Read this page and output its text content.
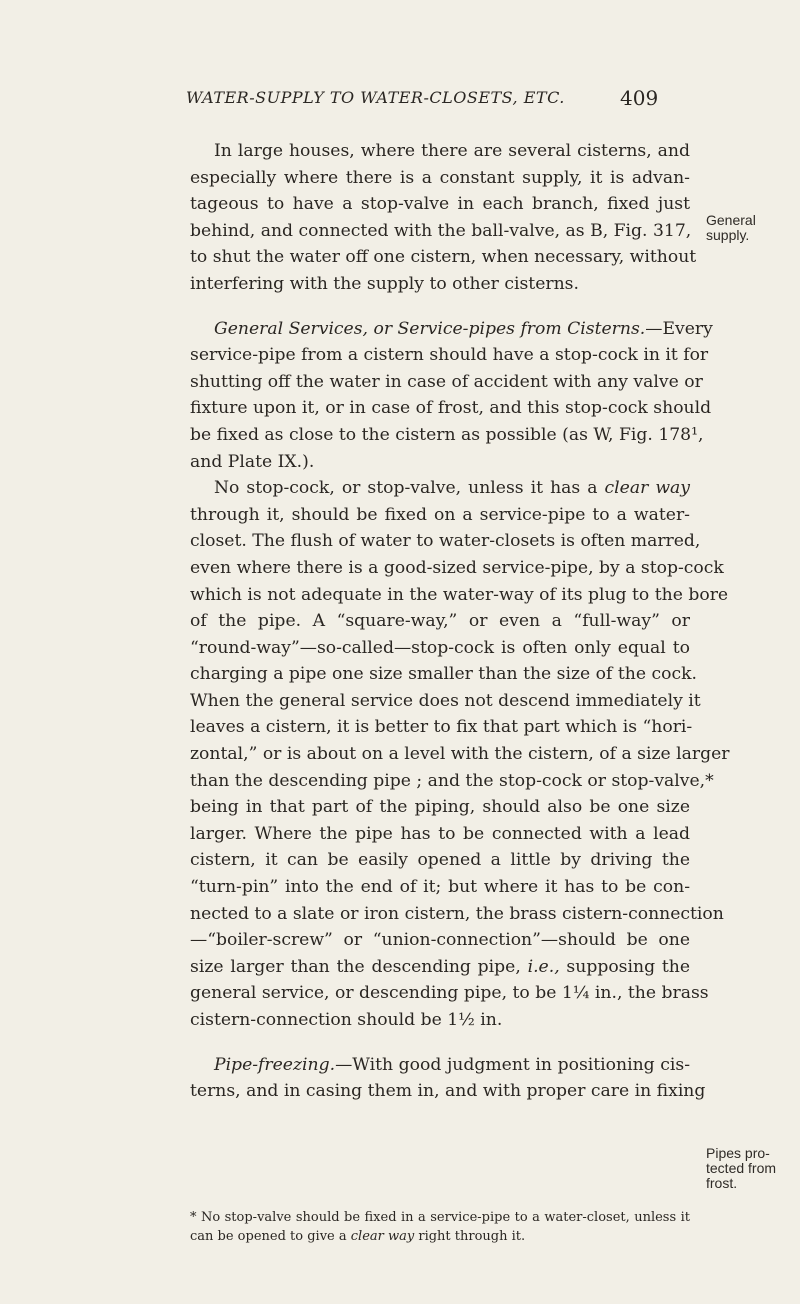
WATER-SUPPLY TO WATER-CLOSETS, ETC.	409
In large houses, where there are several cisterns, and
especially where there is a constant supply, it is advan-
tageous to have a stop-valve in each branch, fixed just
behind, and connected with the ball-valve, as B, Fig. 317,
to shut the water off one cistern, when necessary, without
interfering with the supply to other cisterns.
General Services, or Service-pipes from Cisterns.—Every
service-pipe from a cistern should have a stop-cock in it for
shutting off the water in case of accident with any valve or
fixture upon it, or in case of frost, and this stop-cock should
be fixed as close to the cistern as possible (as W, Fig. 178¹,
and Plate IX.).
No stop-cock, or stop-valve, unless it has a clear way
through it, should be fixed on a service-pipe to a water-
closet. The flush of water to water-closets is often marred,
even where there is a good-sized service-pipe, by a stop-cock
which is not adequate in the water-way of its plug to the bore
of the pipe. A “square-way,” or even a “full-way” or
“round-way”—so-called—stop-cock is often only equal to
charging a pipe one size smaller than the size of the cock.
When the general service does not descend immediately it
leaves a cistern, it is better to fix that part which is “hori-
zontal,” or is about on a level with the cistern, of a size larger
than the descending pipe ; and the stop-cock or stop-valve,*
being in that part of the piping, should also be one size
larger. Where the pipe has to be connected with a lead
cistern, it can be easily opened a little by driving the
“turn-pin” into the end of it; but where it has to be con-
nected to a slate or iron cistern, the brass cistern-connection
—“boiler-screw” or “union-connection”—should be one
size larger than the descending pipe, i.e., supposing the
general service, or descending pipe, to be 1¼ in., the brass
cistern-connection should be 1½ in.
Pipe-freezing.—With good judgment in positioning cis-
terns, and in casing them in, and with proper care in fixing
General
supply.
Pipes pro-
tected from
frost.
* No stop-valve should be fixed in a service-pipe to a water-closet, unless it
can be opened to give a clear way right through it.
